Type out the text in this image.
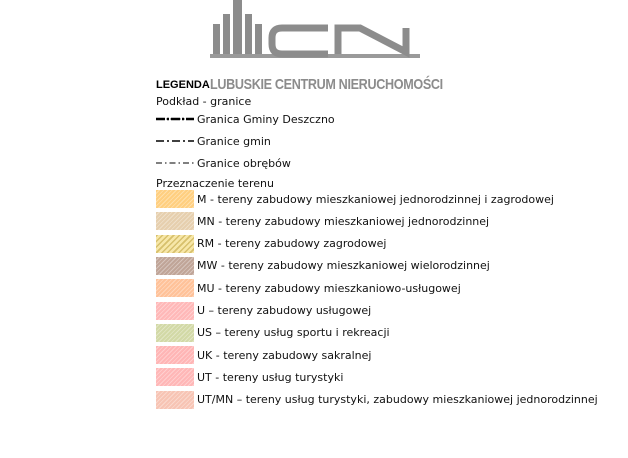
LUBUSKIE CENTRUM NIERUCHOMOŚCI
LEGENDA
Podkład - granice
Granica Gminy Deszczno
Granice gmin
Granice obrębów
Przeznaczenie terenu
M - tereny zabudowy mieszkaniowej jednorodzinnej i zagrodowej
MN - tereny zabudowy mieszkaniowej jednorodzinnej
RM - tereny zabudowy zagrodowej
MW - tereny zabudowy mieszkaniowej wielorodzinnej
MU - tereny zabudowy mieszkaniowo-usługowej
U – tereny zabudowy usługowej
US – tereny usług sportu i rekreacji
UK - tereny zabudowy sakralnej
UT - tereny usług turystyki
UT/MN – tereny usług turystyki, zabudowy mieszkaniowej jednorodzinnej
